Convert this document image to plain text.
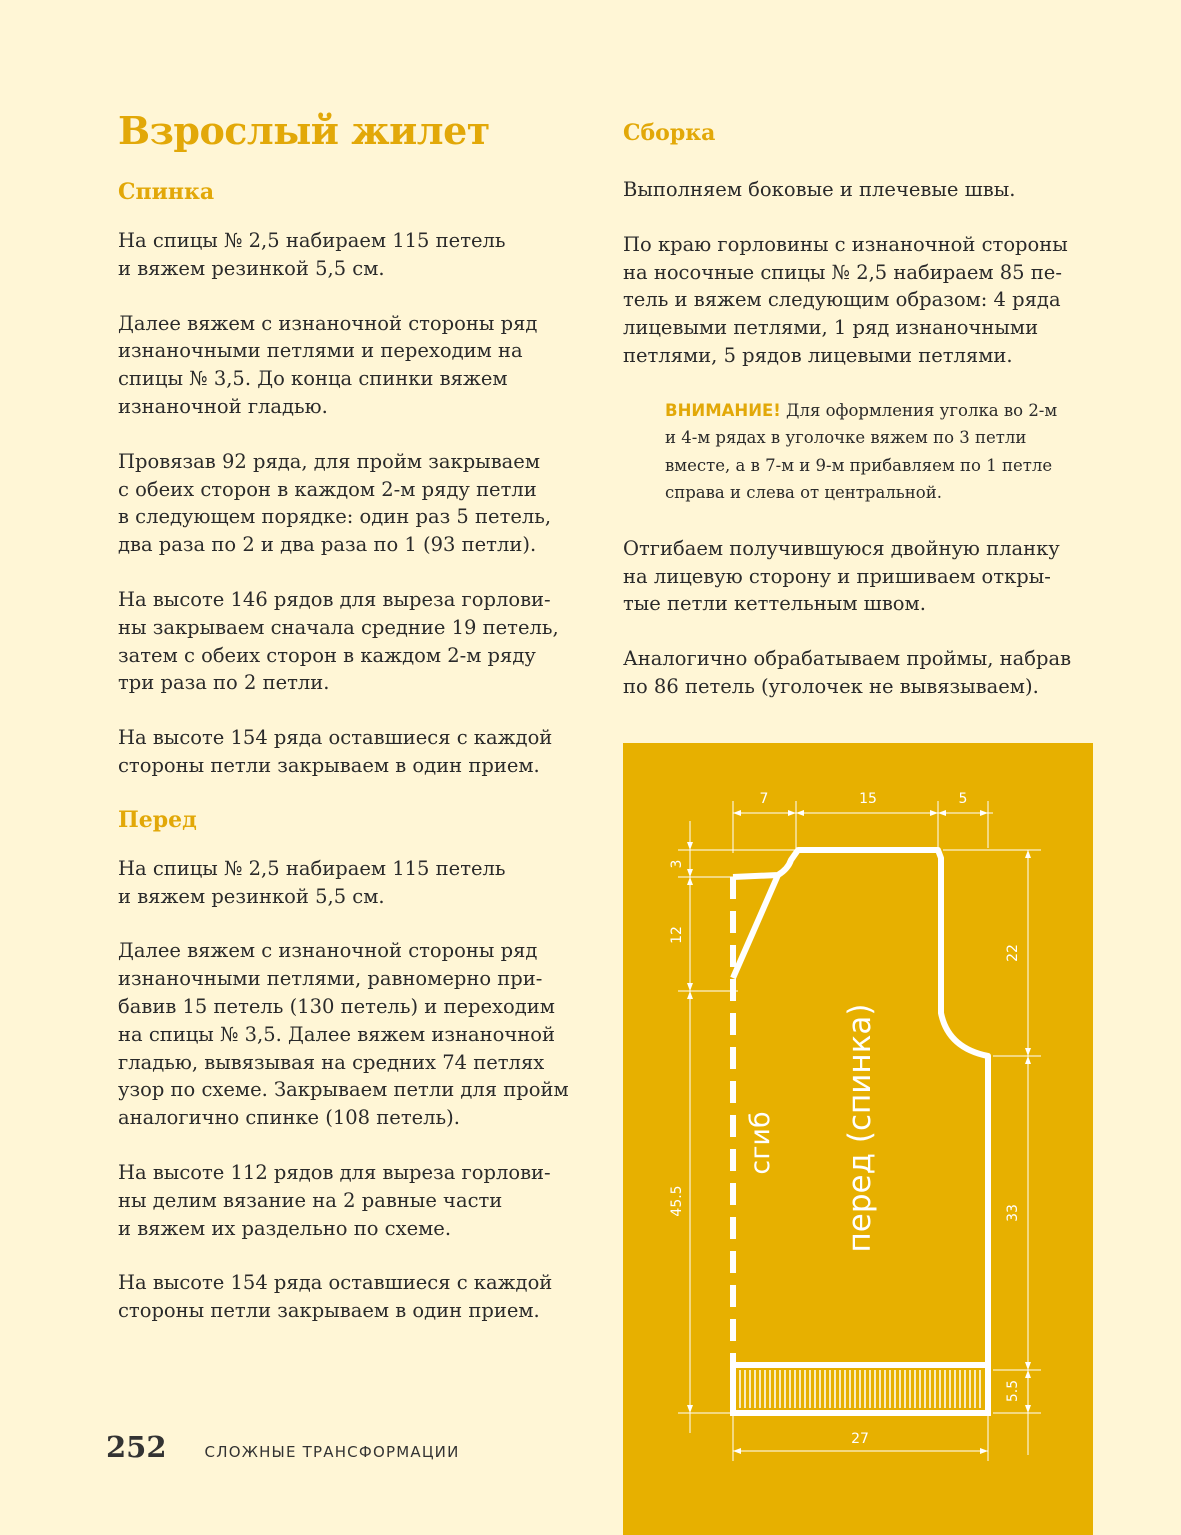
Взрослый жилет
Спинка

На спицы № 2,5 набираем 115 петель
и вяжем резинкой 5,5 см.

Далее вяжем с изнаночной стороны ряд
изнаночными петлями и переходим на
спицы № 3,5. До конца спинки вяжем
изнаночной гладью.

Провязав 92 ряда, для пройм закрываем
с обеих сторон в каждом 2-м ряду петли
в следующем порядке: один раз 5 петель,
два раза по 2 и два раза по 1 (93 петли).

На высоте 146 рядов для выреза горлови-
ны закрываем сначала средние 19 петель,
затем с обеих сторон в каждом 2-м ряду
три раза по 2 петли.

На высоте 154 ряда оставшиеся с каждой
стороны петли закрываем в один прием.

Перед

На спицы № 2,5 набираем 115 петель
и вяжем резинкой 5,5 см.

Далее вяжем с изнаночной стороны ряд
изнаночными петлями, равномерно при-
бавив 15 петель (130 петель) и переходим
на спицы № 3,5. Далее вяжем изнаночной
гладью, вывязывая на средних 74 петлях
узор по схеме. Закрываем петли для пройм
аналогично спинке (108 петель).

На высоте 112 рядов для выреза горлови-
ны делим вязание на 2 равные части
и вяжем их раздельно по схеме.

На высоте 154 ряда оставшиеся с каждой
стороны петли закрываем в один прием.

Сборка

Выполняем боковые и плечевые швы.

По краю горловины с изнаночной стороны
на носочные спицы № 2,5 набираем 85 пе-
тель и вяжем следующим образом: 4 ряда
лицевыми петлями, 1 ряд изнаночными
петлями, 5 рядов лицевыми петлями.

ВНИМАНИЕ! Для оформления уголка во 2-м
и 4-м рядах в уголочке вяжем по 3 петли
вместе, а в 7-м и 9-м прибавляем по 1 петле
справа и слева от центральной.

Отгибаем получившуюся двойную планку
на лицевую сторону и пришиваем откры-
тые петли кеттельным швом.

Аналогично обрабатываем проймы, набрав
по 86 петель (уголочек не вывязываем).

7	15	5
3
12
45.5
22
33
5.5
27
сгиб перед (спинка)
252	СЛОЖНЫЕ ТРАНСФОРМАЦИИ
